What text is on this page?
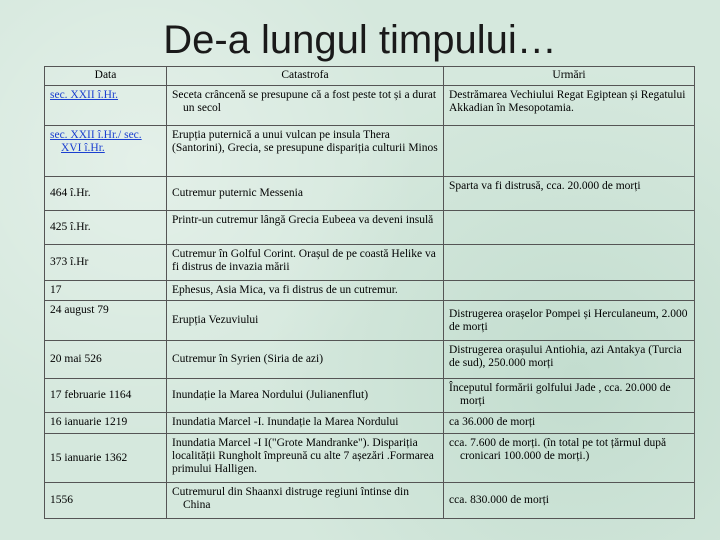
De-a lungul timpului…
Data	Catastrofa	Urmări
sec. XXII î.Hr.	Seceta crâncenă se presupune că a fost peste tot și a durat un secol	Destrămarea Vechiului Regat Egiptean și Regatului Akkadian în Mesopotamia.
sec. XXII î.Hr./ sec. XVI î.Hr.	Erupția puternică a unui vulcan pe insula Thera (Santorini), Grecia, se presupune dispariția culturii Minos	
464 î.Hr.	Cutremur puternic Messenia	Sparta va fi distrusă, cca. 20.000 de morți
425 î.Hr.	Printr-un cutremur lângă Grecia Eubeea va deveni insulă	
373 î.Hr	Cutremur în Golful Corint. Orașul de pe coastă Helike va fi distrus de invazia mării	
17	Ephesus, Asia Mica, va fi distrus de un cutremur.	
24 august 79	Erupția Vezuviului	Distrugerea orașelor Pompei și Herculaneum, 2.000 de morți
20 mai 526	Cutremur în Syrien (Siria de azi)	Distrugerea orașului Antiohia, azi Antakya (Turcia de sud), 250.000 morți
17 februarie 1164	Inundație la Marea Nordului (Julianenflut)	Începutul formării golfului Jade , cca. 20.000 de morți
16 ianuarie 1219	Inundatia Marcel -I. Inundație la Marea Nordului	ca 36.000 de morți
15 ianuarie 1362	Inundatia Marcel -I I("Grote Mandranke"). Dispariția localității Rungholt împreună cu alte 7 așezări .Formarea primului Halligen.	cca. 7.600 de morți. (în total pe tot țărmul după cronicari 100.000 de morți.)
1556	Cutremurul din Shaanxi distruge regiuni întinse din China	cca. 830.000 de morți
